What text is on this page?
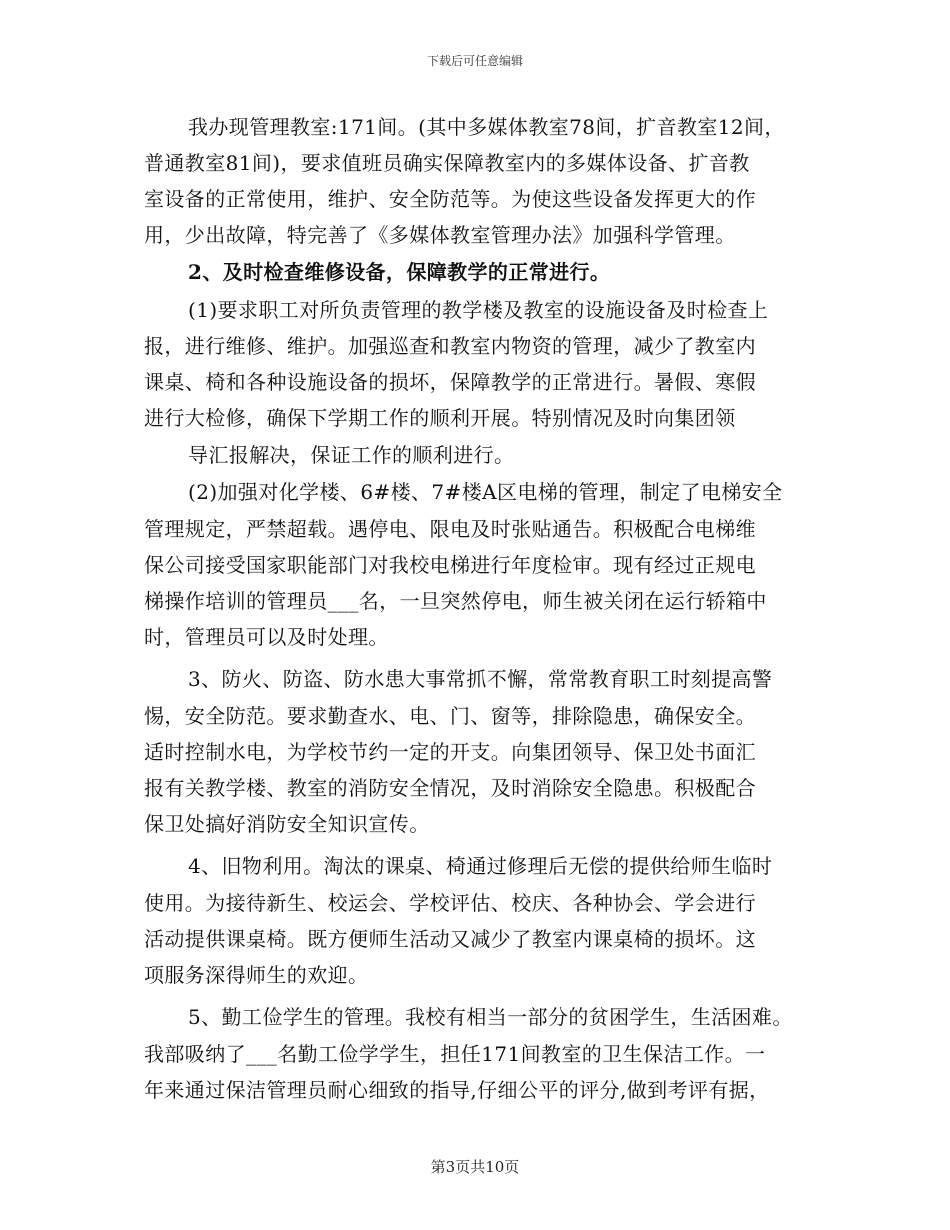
下载后可任意编辑
我办现管理教室:171间。(其中多媒体教室78间，扩音教室12间，
普通教室81间)，要求值班员确实保障教室内的多媒体设备、扩音教
室设备的正常使用，维护、安全防范等。为使这些设备发挥更大的作
用，少出故障，特完善了《多媒体教室管理办法》加强科学管理。
2、及时检查维修设备，保障教学的正常进行。
(1)要求职工对所负责管理的教学楼及教室的设施设备及时检查上
报，进行维修、维护。加强巡查和教室内物资的管理，减少了教室内
课桌、椅和各种设施设备的损坏，保障教学的正常进行。暑假、寒假
进行大检修，确保下学期工作的顺利开展。特别情况及时向集团领
导汇报解决，保证工作的顺利进行。
(2)加强对化学楼、6#楼、7#楼A区电梯的管理，制定了电梯安全
管理规定，严禁超载。遇停电、限电及时张贴通告。积极配合电梯维
保公司接受国家职能部门对我校电梯进行年度检审。现有经过正规电
梯操作培训的管理员___名，一旦突然停电，师生被关闭在运行轿箱中
时，管理员可以及时处理。
3、防火、防盗、防水患大事常抓不懈，常常教育职工时刻提高警
惕，安全防范。要求勤查水、电、门、窗等，排除隐患，确保安全。
适时控制水电，为学校节约一定的开支。向集团领导、保卫处书面汇
报有关教学楼、教室的消防安全情况，及时消除安全隐患。积极配合
保卫处搞好消防安全知识宣传。
4、旧物利用。淘汰的课桌、椅通过修理后无偿的提供给师生临时
使用。为接待新生、校运会、学校评估、校庆、各种协会、学会进行
活动提供课桌椅。既方便师生活动又减少了教室内课桌椅的损坏。这
项服务深得师生的欢迎。
5、勤工俭学生的管理。我校有相当一部分的贫困学生，生活困难。
我部吸纳了___名勤工俭学学生，担任171间教室的卫生保洁工作。一
年来通过保洁管理员耐心细致的指导,仔细公平的评分,做到考评有据，
第3页共10页
